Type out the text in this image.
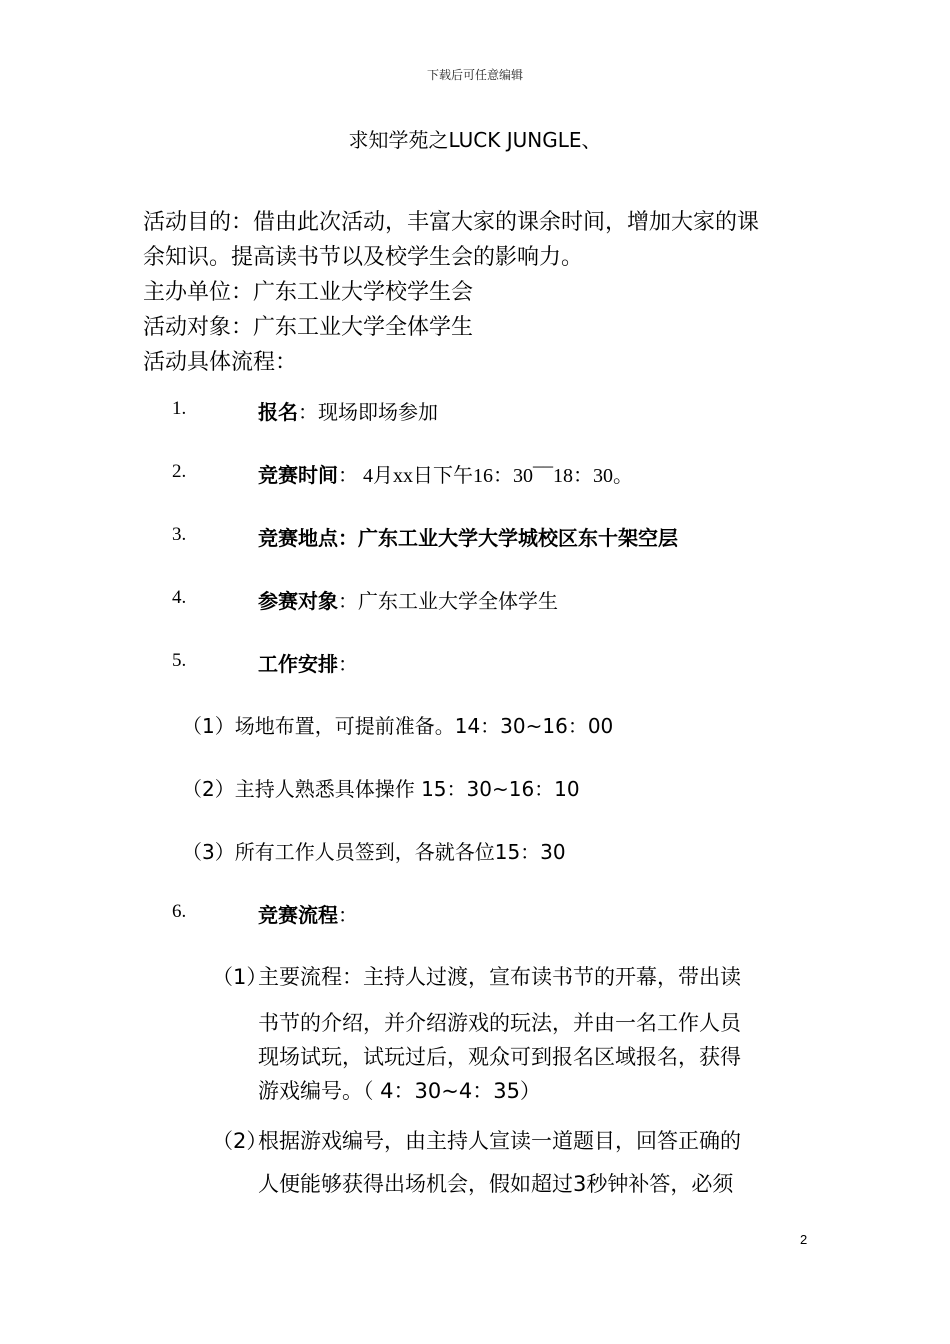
下载后可任意编辑
求知学苑之LUCK JUNGLE、
活动目的：借由此次活动，丰富大家的课余时间，增加大家的课
余知识。提高读书节以及校学生会的影响力。
主办单位：广东工业大学校学生会
活动对象：广东工业大学全体学生
活动具体流程：
1.	报名：现场即场参加
2.	竞赛时间： 4月xx日下午16：30¯¯18：30。
3.	竞赛地点：广东工业大学大学城校区东十架空层
4.	参赛对象：广东工业大学全体学生
5.	工作安排：
（1）场地布置，可提前准备。14：30~16：00
（2）主持人熟悉具体操作 15：30~16：10
（3）所有工作人员签到，各就各位15：30
6.	竞赛流程：
（1）
主要流程：主持人过渡，宣布读书节的开幕，带出读
书节的介绍，并介绍游戏的玩法，并由一名工作人员
现场试玩，试玩过后，观众可到报名区域报名，获得
游戏编号。（ 4：30~4：35）
（2）
根据游戏编号，由主持人宣读一道题目，回答正确的
人便能够获得出场机会，假如超过3秒钟补答，必须
2
